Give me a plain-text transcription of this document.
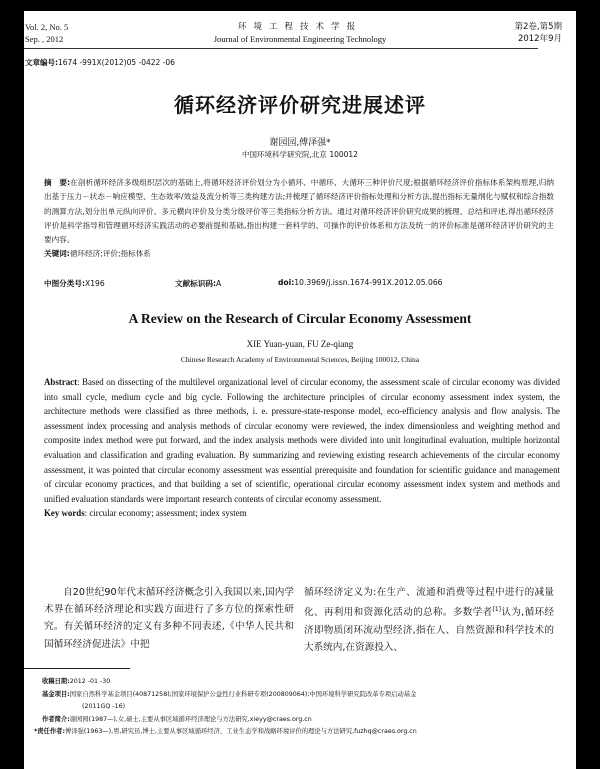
Vol. 2, No. 5
Sep. , 2012
环境工程技术学报
Journal of Environmental Engineering Technology
第2卷,第5期
2012年9月
文章编号:1674 -991X(2012)05 -0422 -06
循环经济评价研究进展述评
谢园园,傅泽强*
中国环境科学研究院,北京 100012
摘　要:在剖析循环经济多级组织层次的基础上,将循环经济评价划分为小循环、中循环、大循环三种评价尺度;根据循环经济评价指标体系架构原理,归纳出基于压力－状态－响应模型、生态效率/效益及流分析等三类构建方法;并梳理了循环经济评价指标处理和分析方法,提出指标无量纲化与赋权和综合指数的测算方法,划分出单元纵向评价、多元横向评价及分类分级评价等三类指标分析方法。通过对循环经济评价研究成果的梳理、总结和评述,得出循环经济评价是科学指导和管理循环经济实践活动的必要前提和基础,指出构建一套科学的、可操作的评价体系和方法及统一的评价标准是循环经济评价研究的主要内容。
关键词:循环经济;评价;指标体系
中图分类号:X196	文献标识码:A	doi:10.3969/j.issn.1674-991X.2012.05.066
A Review on the Research of Circular Economy Assessment
XIE Yuan-yuan, FU Ze-qiang
Chinese Research Academy of Environmental Sciences, Beijing 100012, China
Abstract: Based on dissecting of the multilevel organizational level of circular economy, the assessment scale of circular economy was divided into small cycle, medium cycle and big cycle. Following the architecture principles of circular economy assessment index system, the architecture methods were classified as three methods, i. e. pressure-state-response model, eco-efficiency analysis and flow analysis. The assessment index processing and analysis methods of circular economy were reviewed, the index dimensionless and weighting method and composite index method were put forward, and the index analysis methods were divided into unit longitudinal evaluation, multiple horizontal evaluation and classification and grading evaluation. By summarizing and reviewing existing research achievements of the circular economy assessment, it was pointed that circular economy assessment was essential prerequisite and foundation for scientific guidance and management of circular economy practices, and that building a set of scientific, operational circular economy assessment index system and methods and unified evaluation standards were important research contents of circular economy assessment.
Key words: circular economy; assessment; index system
自20世纪90年代末循环经济概念引入我国以来,国内学术界在循环经济理论和实践方面进行了多方位的探索性研究。有关循环经济的定义有多种不同表述,《中华人民共和国循环经济促进法》中把
循环经济定义为:在生产、流通和消费等过程中进行的减量化、再利用和资源化活动的总称。多数学者[1]认为,循环经济即物质闭环流动型经济,指在人、自然资源和科学技术的大系统内,在资源投入、
收稿日期:2012 -01 -30
基金项目:国家自然科学基金项目(40871258);国家环境保护公益性行业科研专项(200809064);中国环境科学研究院改革专项启动基金
(2011GQ -16)
作者简介:谢园园(1987—),女,硕士,主要从事区域循环经济理论与方法研究,xieyy@craes.org.cn
*责任作者:傅泽强(1963—),男,研究员,博士,主要从事区域循环经济、工业生态学和战略环境评价的理论与方法研究,fuzhq@craes.org.cn
